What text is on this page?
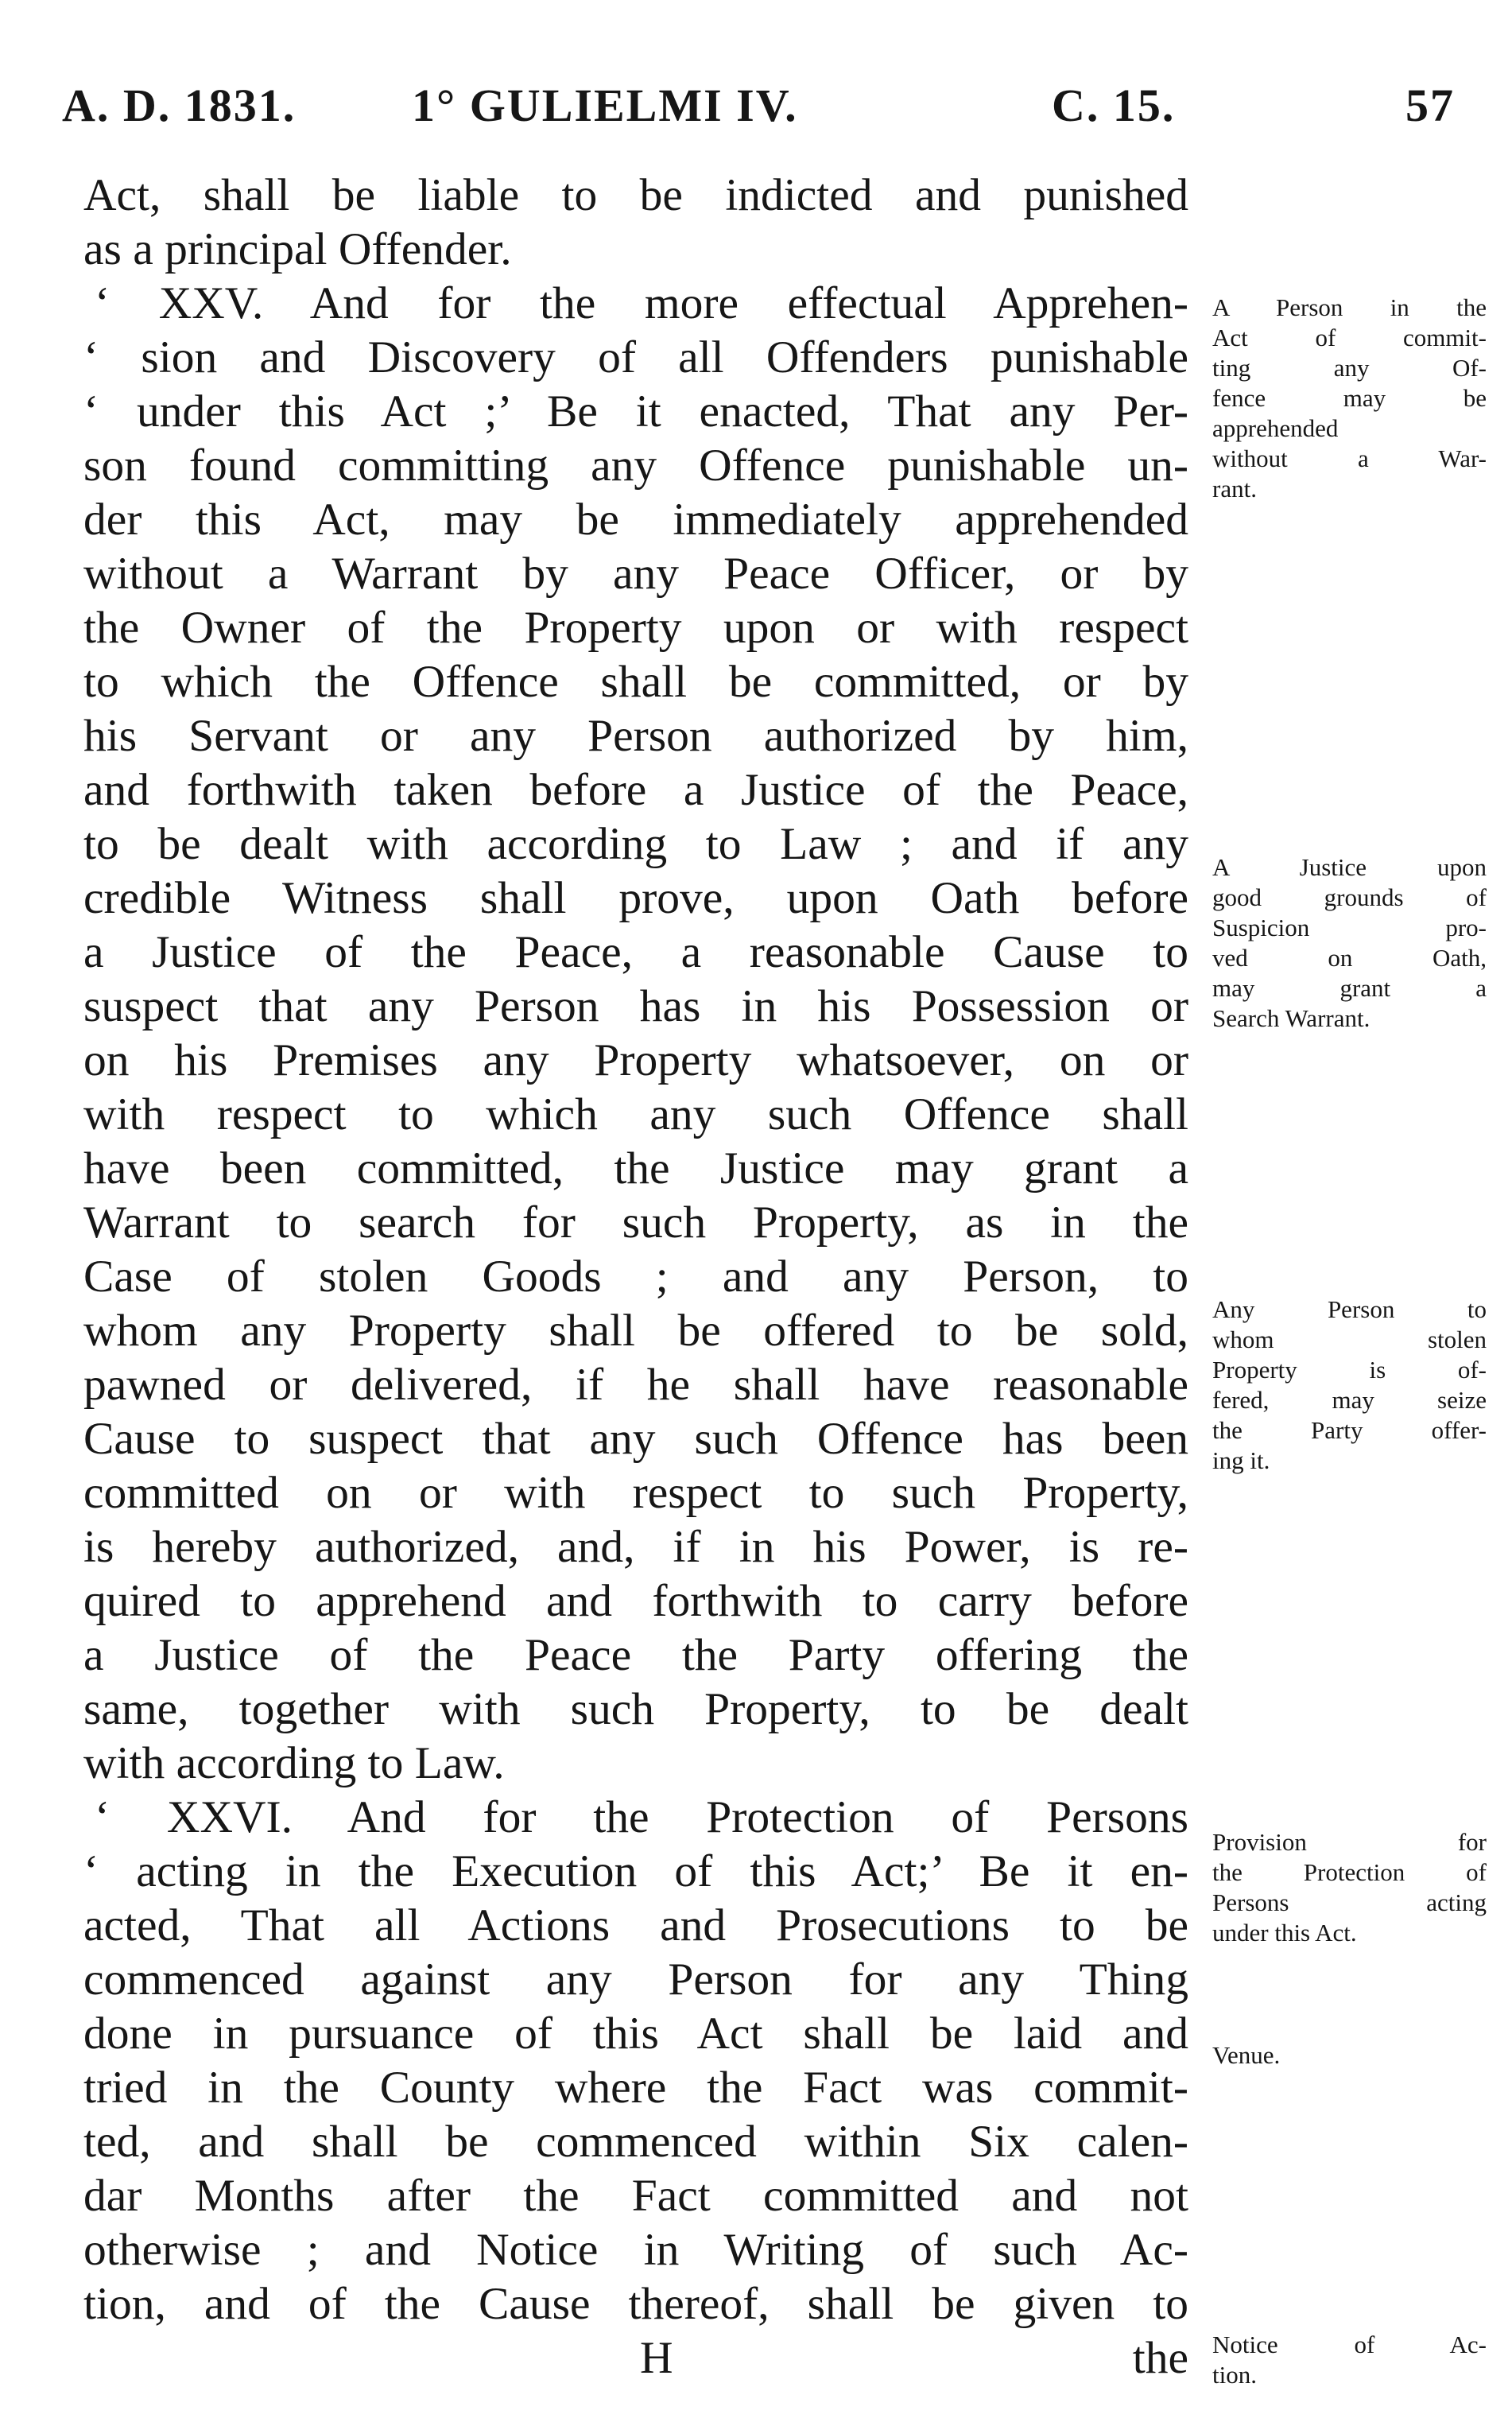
A. D. 1831.	1° GULIELMI IV.	C. 15.	57
Act, shall be liable to be indicted and punished
as a principal Offender.
‘ XXV. And for the more effectual Apprehen-
‘ sion and Discovery of all Offenders punishable
‘ under this Act ;’ Be it enacted, That any Per-
son found committing any Offence punishable un-
der this Act, may be immediately apprehended
without a Warrant by any Peace Officer, or by
the Owner of the Property upon or with respect
to which the Offence shall be committed, or by
his Servant or any Person authorized by him,
and forthwith taken before a Justice of the Peace,
to be dealt with according to Law ; and if any
credible Witness shall prove, upon Oath before
a Justice of the Peace, a reasonable Cause to
suspect that any Person has in his Possession or
on his Premises any Property whatsoever, on or
with respect to which any such Offence shall
have been committed, the Justice may grant a
Warrant to search for such Property, as in the
Case of stolen Goods ; and any Person, to
whom any Property shall be offered to be sold,
pawned or delivered, if he shall have reasonable
Cause to suspect that any such Offence has been
committed on or with respect to such Property,
is hereby authorized, and, if in his Power, is re-
quired to apprehend and forthwith to carry before
a Justice of the Peace the Party offering the
same, together with such Property, to be dealt
with according to Law.
‘ XXVI. And for the Protection of Persons
‘ acting in the Execution of this Act;’ Be it en-
acted, That all Actions and Prosecutions to be
commenced against any Person for any Thing
done in pursuance of this Act shall be laid and
tried in the County where the Fact was commit-
ted, and shall be commenced within Six calen-
dar Months after the Fact committed and not
otherwise ; and Notice in Writing of such Ac-
tion, and of the Cause thereof, shall be given to
H	the
A Person in the
Act of commit-
ting any Of-
fence may be
apprehended
without a War-
rant.
A Justice upon
good grounds of
Suspicion pro-
ved on Oath,
may grant a
Search Warrant.
Any Person to
whom stolen
Property is of-
fered, may seize
the Party offer-
ing it.
Provision for
the Protection of
Persons acting
under this Act.
Venue.
Notice of Ac-
tion.
